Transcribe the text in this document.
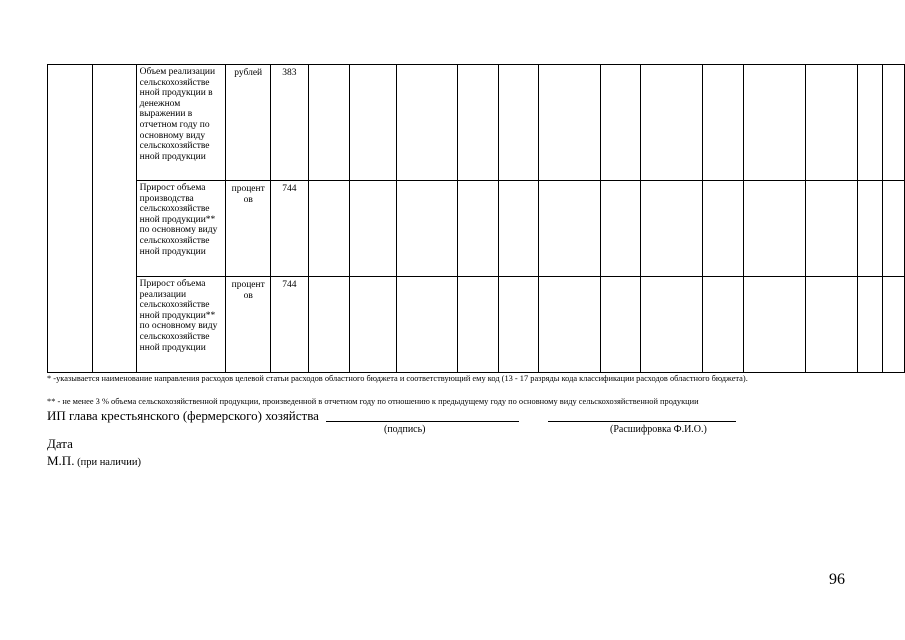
		Объем реализации сельскохозяйстве нной продукции в денежном выражении в отчетном году по основному виду сельскохозяйстве нной продукции	рублей	383													
		Прирост объема производства сельскохозяйстве нной продукции** по основному виду сельскохозяйстве нной продукции	процент ов	744													
		Прирост объема реализации сельскохозяйстве нной продукции** по основному виду сельскохозяйстве нной продукции	процент ов	744													

* -указывается наименование направления расходов целевой статьи расходов областного бюджета и соответствующий ему код (13 - 17 разряды кода классификации расходов областного бюджета).

** - не менее 3 % объема сельскохозяйственной продукции, произведенной в отчетном году по отношению к предыдущему году по основному виду сельскохозяйственной продукции

ИП глава крестьянского (фермерского) хозяйства
(подпись)	(Расшифровка Ф.И.О.)
Дата
М.П. (при наличии)
96
